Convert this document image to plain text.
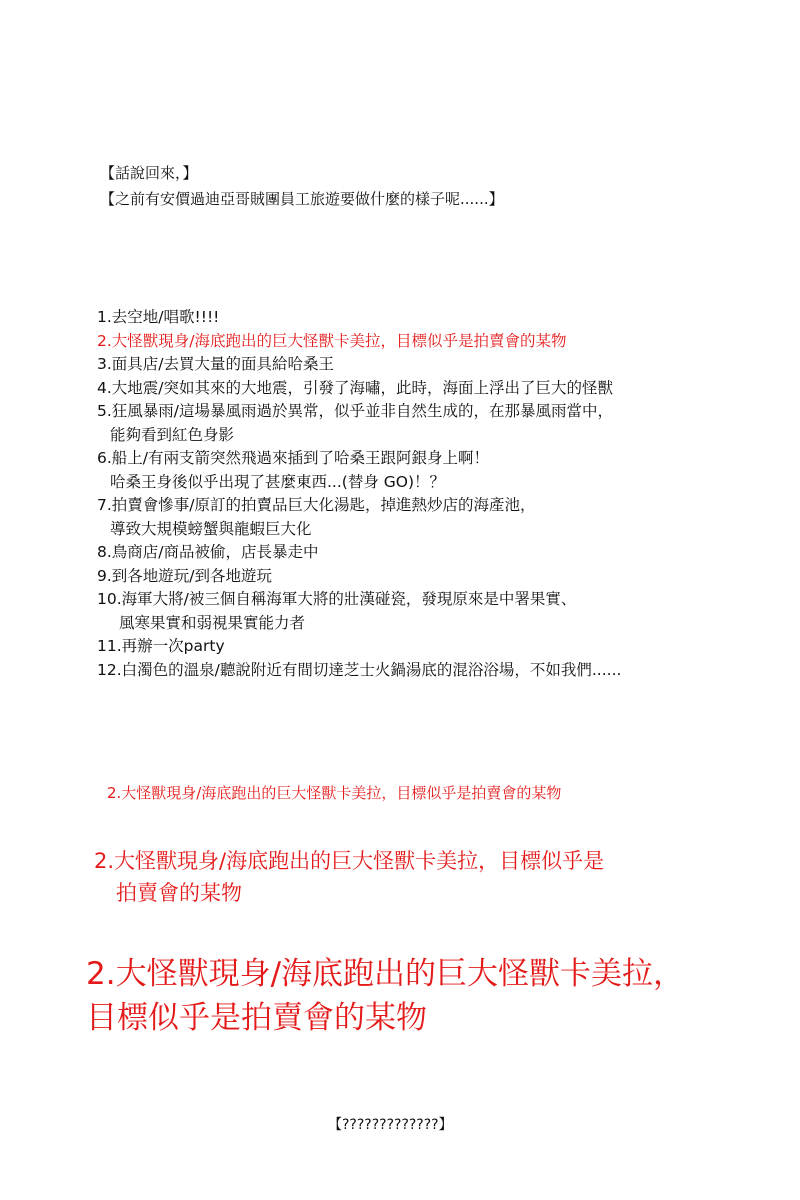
【話說回來，】
【之前有安價過迪亞哥賊團員工旅遊要做什麼的樣子呢......】
1.去空地/唱歌!!!!
2.大怪獸現身/海底跑出的巨大怪獸卡美拉，目標似乎是拍賣會的某物
3.面具店/去買大量的面具給哈桑王
4.大地震/突如其來的大地震，引發了海嘯，此時，海面上浮出了巨大的怪獸
5.狂風暴雨/這場暴風雨過於異常，似乎並非自然生成的，在那暴風雨當中，
能夠看到紅色身影
6.船上/有兩支箭突然飛過來插到了哈桑王跟阿銀身上啊！
哈桑王身後似乎出現了甚麼東西...(替身 GO)！？
7.拍賣會慘事/原訂的拍賣品巨大化湯匙，掉進熱炒店的海產池，
導致大規模螃蟹與龍蝦巨大化
8.鳥商店/商品被偷，店長暴走中
9.到各地遊玩/到各地遊玩
10.海軍大將/被三個自稱海軍大將的壯漢碰瓷，發現原來是中署果實、
風寒果實和弱視果實能力者
11.再辦一次party
12.白濁色的溫泉/聽說附近有間切達芝士火鍋湯底的混浴浴場，不如我們......
2.大怪獸現身/海底跑出的巨大怪獸卡美拉，目標似乎是拍賣會的某物
2.大怪獸現身/海底跑出的巨大怪獸卡美拉，目標似乎是
拍賣會的某物
2.大怪獸現身/海底跑出的巨大怪獸卡美拉，
目標似乎是拍賣會的某物
【?????????????】
